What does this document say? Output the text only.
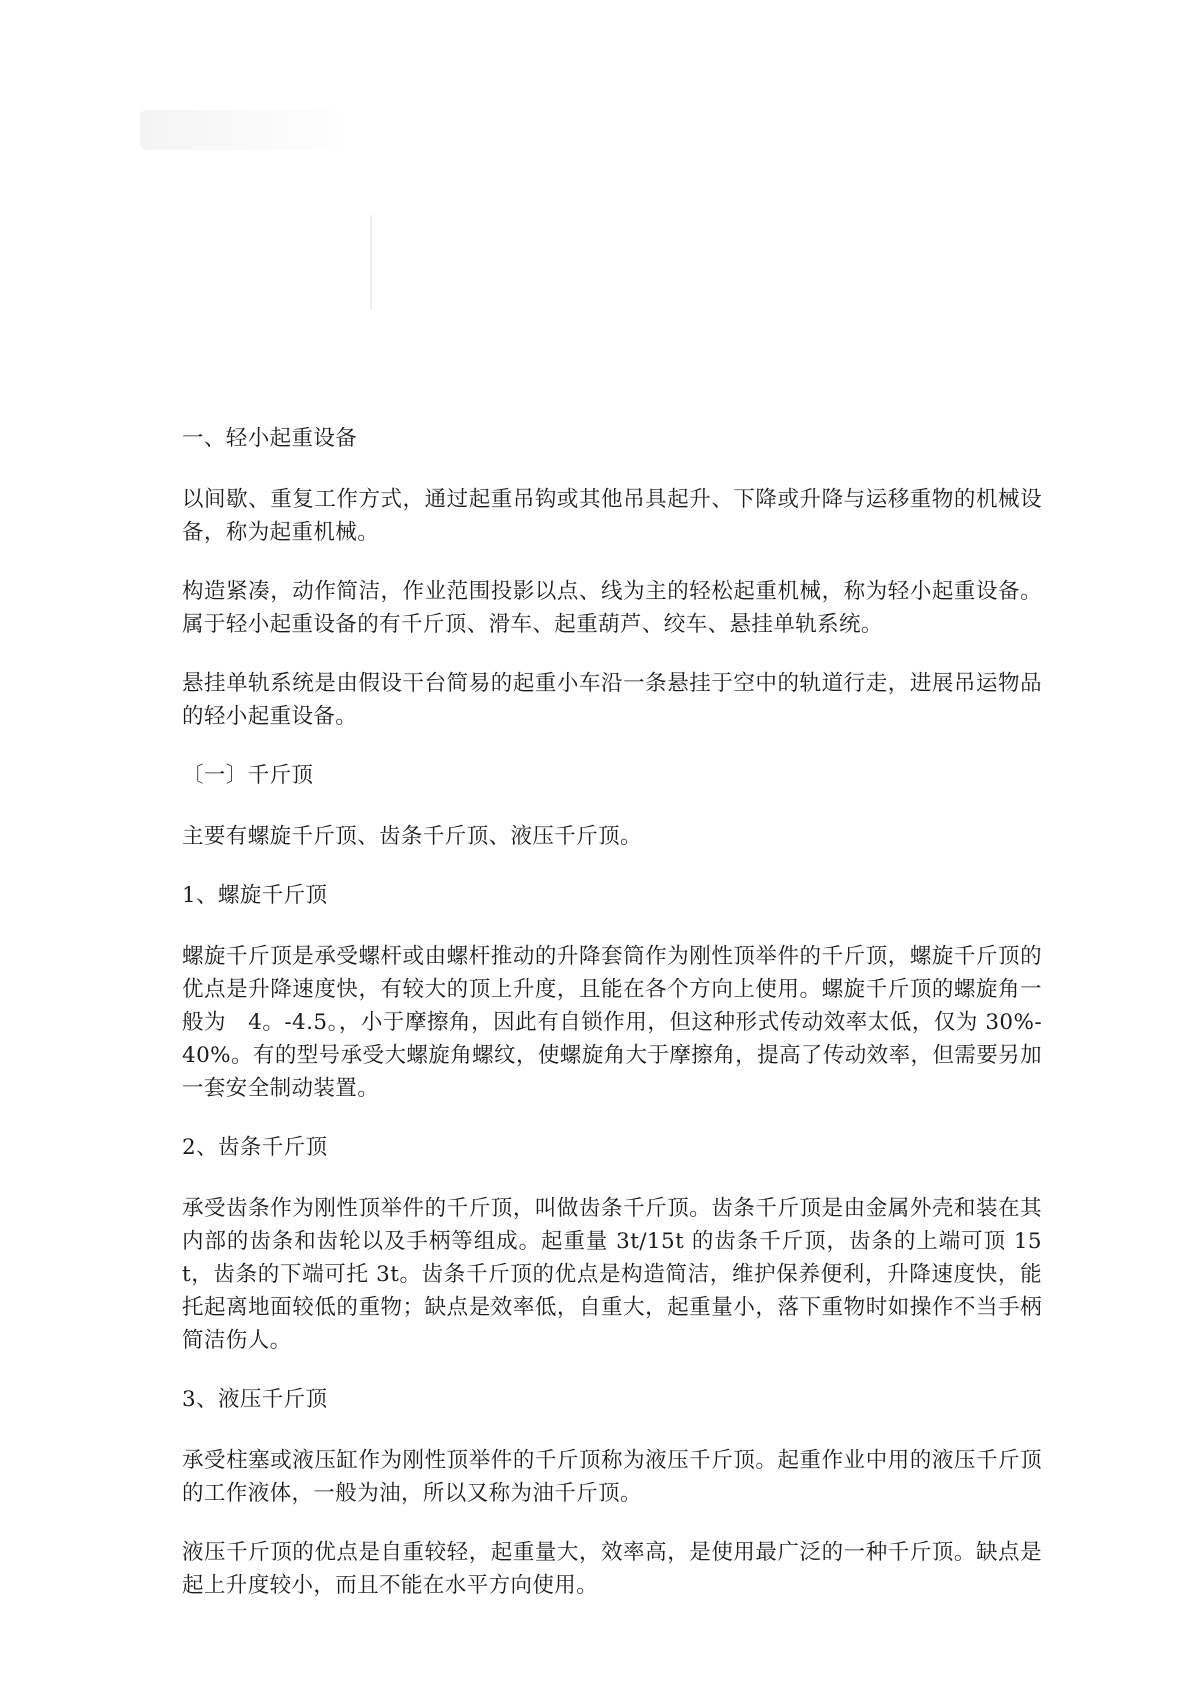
一、轻小起重设备

以间歇、重复工作方式，通过起重吊钩或其他吊具起升、下降或升降与运移重物的机械设备，称为起重机械。

构造紧凑，动作简洁，作业范围投影以点、线为主的轻松起重机械，称为轻小起重设备。属于轻小起重设备的有千斤顶、滑车、起重葫芦、绞车、悬挂单轨系统。

悬挂单轨系统是由假设干台简易的起重小车沿一条悬挂于空中的轨道行走，进展吊运物品的轻小起重设备。

〔一〕千斤顶

主要有螺旋千斤顶、齿条千斤顶、液压千斤顶。

1、螺旋千斤顶

螺旋千斤顶是承受螺杆或由螺杆推动的升降套筒作为刚性顶举件的千斤顶，螺旋千斤顶的优点是升降速度快，有较大的顶上升度，且能在各个方向上使用。螺旋千斤顶的螺旋角一般为　4。-4.5。，小于摩擦角，因此有自锁作用，但这种形式传动效率太低，仅为 30%-40%。有的型号承受大螺旋角螺纹，使螺旋角大于摩擦角，提高了传动效率，但需要另加一套安全制动装置。

2、齿条千斤顶

承受齿条作为刚性顶举件的千斤顶，叫做齿条千斤顶。齿条千斤顶是由金属外壳和装在其内部的齿条和齿轮以及手柄等组成。起重量 3t/15t 的齿条千斤顶，齿条的上端可顶 15t，齿条的下端可托 3t。齿条千斤顶的优点是构造简洁，维护保养便利，升降速度快，能托起离地面较低的重物；缺点是效率低，自重大，起重量小，落下重物时如操作不当手柄简洁伤人。

3、液压千斤顶

承受柱塞或液压缸作为刚性顶举件的千斤顶称为液压千斤顶。起重作业中用的液压千斤顶的工作液体，一般为油，所以又称为油千斤顶。

液压千斤顶的优点是自重较轻，起重量大，效率高，是使用最广泛的一种千斤顶。缺点是起上升度较小，而且不能在水平方向使用。
